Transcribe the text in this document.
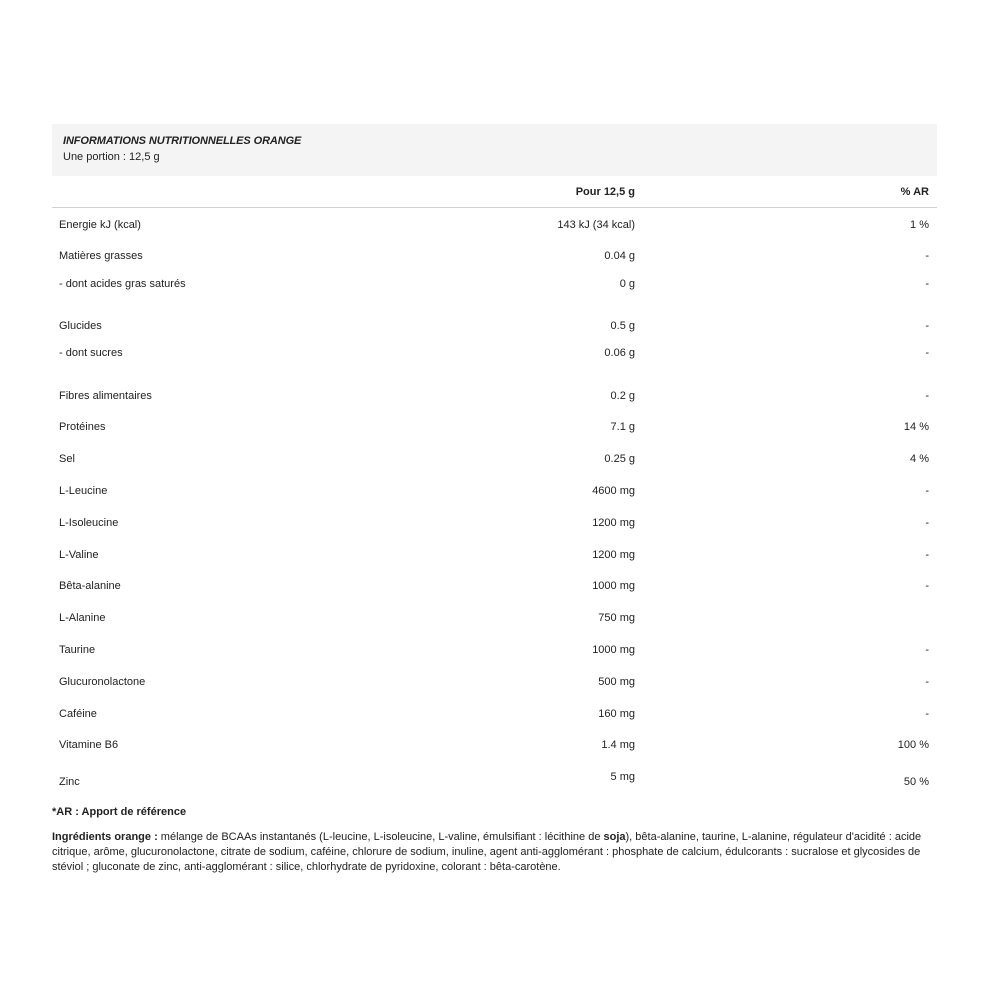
INFORMATIONS NUTRITIONNELLES ORANGE
Une portion : 12,5 g
Pour 12,5 g	% AR
Energie kJ (kcal)	143 kJ (34 kcal)	1 %
Matières grasses	0.04 g	-
- dont acides gras saturés	0 g	-
Glucides	0.5 g	-
- dont sucres	0.06 g	-
Fibres alimentaires	0.2 g	-
Protéines	7.1 g	14 %
Sel	0.25 g	4 %
L-Leucine	4600 mg	-
L-Isoleucine	1200 mg	-
L-Valine	1200 mg	-
Bêta-alanine	1000 mg	-
L-Alanine	750 mg
Taurine	1000 mg	-
Glucuronolactone	500 mg	-
Caféine	160 mg	-
Vitamine B6	1.4 mg	100 %
Zinc	5 mg	50 %
*AR : Apport de référence
Ingrédients orange : mélange de BCAAs instantanés (L-leucine, L-isoleucine, L-valine, émulsifiant : lécithine de soja), bêta-alanine, taurine, L-alanine, régulateur d'acidité : acide citrique, arôme, glucuronolactone, citrate de sodium, caféine, chlorure de sodium, inuline, agent anti-agglomérant : phosphate de calcium, édulcorants : sucralose et glycosides de stéviol ; gluconate de zinc, anti-agglomérant : silice, chlorhydrate de pyridoxine, colorant : bêta-carotène.
